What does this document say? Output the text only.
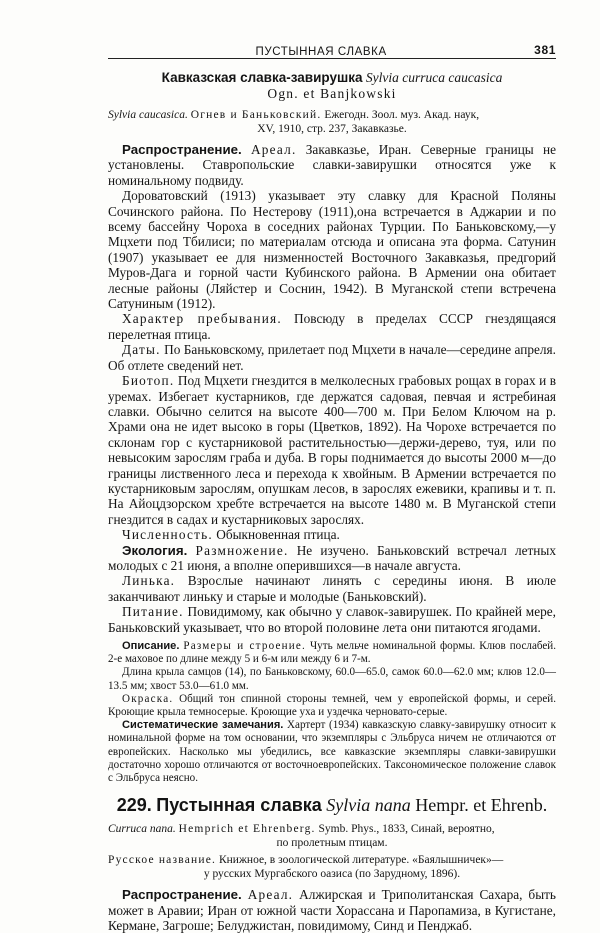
ПУСТЫННАЯ СЛАВКА	381
Кавказская славка-завирушка Sylvia curruca caucasica
Ogn. et Banjkowski
Sylvia caucasica. Огнев и Баньковский. Ежегодн. Зоол. муз. Акад. наук,
XV, 1910, стр. 237, Закавказье.

Распространение. Ареал. Закавказье, Иран. Северные границы не установлены. Ставропольские славки-завирушки относятся уже к номинальному подвиду.

Дороватовский (1913) указывает эту славку для Красной Поляны Сочинского района. По Нестерову (1911),она встречается в Аджарии и по всему бассейну Чороха в соседних районах Турции. По Баньковскому,—у Мцхети под Тбилиси; по материалам отсюда и описана эта форма. Сатунин (1907) указывает ее для низменностей Восточного Закавказья, предгорий Муров-Дага и горной части Кубинского района. В Армении она обитает лесные районы (Ляйстер и Соснин, 1942). В Муганской степи встречена Сатуниным (1912).

Характер пребывания. Повсюду в пределах СССР гнездящаяся перелетная птица.

Даты. По Баньковскому, прилетает под Мцхети в начале—середине апреля. Об отлете сведений нет.

Биотоп. Под Мцхети гнездится в мелколесных грабовых рощах в горах и в уремах. Избегает кустарников, где держатся садовая, певчая и ястребиная славки. Обычно селится на высоте 400—700 м. При Белом Ключом на р. Храми она не идет высоко в горы (Цветков, 1892). На Чорохе встречается по склонам гор с кустарниковой растительностью—держи-дерево, туя, или по невысоким зарослям граба и дуба. В горы поднимается до высоты 2000 м—до границы лиственного леса и перехода к хвойным. В Армении встречается по кустарниковым зарослям, опушкам лесов, в зарослях ежевики, крапивы и т. п. На Айоцдзорском хребте встречается на высоте 1480 м. В Муганской степи гнездится в садах и кустарниковых зарослях.

Численность. Обыкновенная птица.

Экология. Размножение. Не изучено. Баньковский встречал летных молодых с 21 июня, а вполне оперившихся—в начале августа.

Линька. Взрослые начинают линять с середины июня. В июле заканчивают линьку и старые и молодые (Баньковский).

Питание. Повидимому, как обычно у славок-завирушек. По крайней мере, Баньковский указывает, что во второй половине лета они питаются ягодами.

Описание. Размеры и строение. Чуть мельче номинальной формы. Клюв послабей. 2-е маховое по длине между 5 и 6-м или между 6 и 7-м.

Длина крыла самцов (14), по Баньковскому, 60.0—65.0, самок 60.0—62.0 мм; клюв 12.0—13.5 мм; хвост 53.0—61.0 мм.

Окраска. Общий тон спинной стороны темней, чем у европейской формы, и серей. Кроющие крыла темносерые. Кроющие уха и уздечка черновато-серые.

Систематические замечания. Хартерт (1934) кавказскую славку-завирушку относит к номинальной форме на том основании, что экземпляры с Эльбруса ничем не отличаются от европейских. Насколько мы убедились, все кавказские экземпляры славки-завирушки достаточно хорошо отличаются от восточноевропейских. Таксономическое положение славок с Эльбруса неясно.

229. Пустынная славка Sylvia nana Hempr. et Ehrenb.
Curruca nana. Hemprich et Ehrenberg. Symb. Phys., 1833, Синай, вероятно,
по пролетным птицам.
Русское название. Книжное, в зоологической литературе. «Баялышничек»—
у русских Мургабского оазиса (по Зарудному, 1896).

Распространение. Ареал. Алжирская и Триполитанская Сахара, быть может в Аравии; Иран от южной части Хорассана и Паропамиза, в Кугистане, Кермане, Загроше; Белуджистан, повидимому, Синд и Пенджаб.
